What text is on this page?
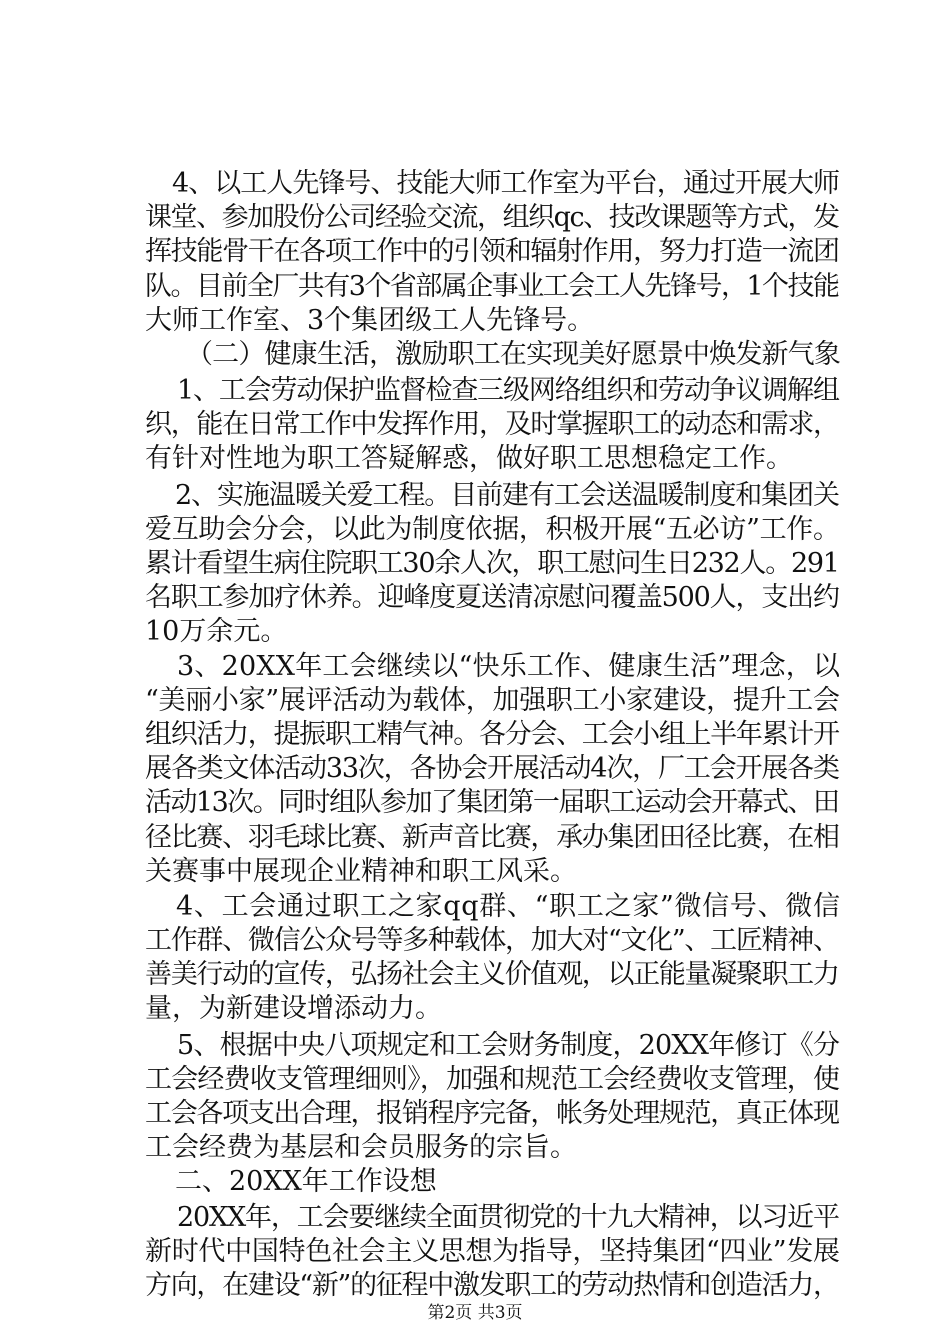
4、以工人先锋号、技能大师工作室为平台，通过开展大师
课堂、参加股份公司经验交流，组织qc、技改课题等方式，发
挥技能骨干在各项工作中的引领和辐射作用，努力打造一流团
队。目前全厂共有3个省部属企事业工会工人先锋号，1个技能
大师工作室、3个集团级工人先锋号。
（二）健康生活，激励职工在实现美好愿景中焕发新气象
1、工会劳动保护监督检查三级网络组织和劳动争议调解组
织，能在日常工作中发挥作用，及时掌握职工的动态和需求，
有针对性地为职工答疑解惑，做好职工思想稳定工作。
2、实施温暖关爱工程。目前建有工会送温暖制度和集团关
爱互助会分会，以此为制度依据，积极开展“五必访”工作。
累计看望生病住院职工30余人次，职工慰问生日232人。291
名职工参加疗休养。迎峰度夏送清凉慰问覆盖500人，支出约
10万余元。
3、20XX年工会继续以“快乐工作、健康生活”理念，以
“美丽小家”展评活动为载体，加强职工小家建设，提升工会
组织活力，提振职工精气神。各分会、工会小组上半年累计开
展各类文体活动33次，各协会开展活动4次，厂工会开展各类
活动13次。同时组队参加了集团第一届职工运动会开幕式、田
径比赛、羽毛球比赛、新声音比赛，承办集团田径比赛，在相
关赛事中展现企业精神和职工风采。
4、工会通过职工之家qq群、“职工之家”微信号、微信
工作群、微信公众号等多种载体，加大对“文化”、工匠精神、
善美行动的宣传，弘扬社会主义价值观，以正能量凝聚职工力
量，为新建设增添动力。
5、根据中央八项规定和工会财务制度，20XX年修订《分
工会经费收支管理细则》，加强和规范工会经费收支管理，使
工会各项支出合理，报销程序完备，帐务处理规范，真正体现
工会经费为基层和会员服务的宗旨。
二、20XX年工作设想
20XX年，工会要继续全面贯彻党的十九大精神，以习近平
新时代中国特色社会主义思想为指导，坚持集团“四业”发展
方向，在建设“新”的征程中激发职工的劳动热情和创造活力，
第2页 共3页
